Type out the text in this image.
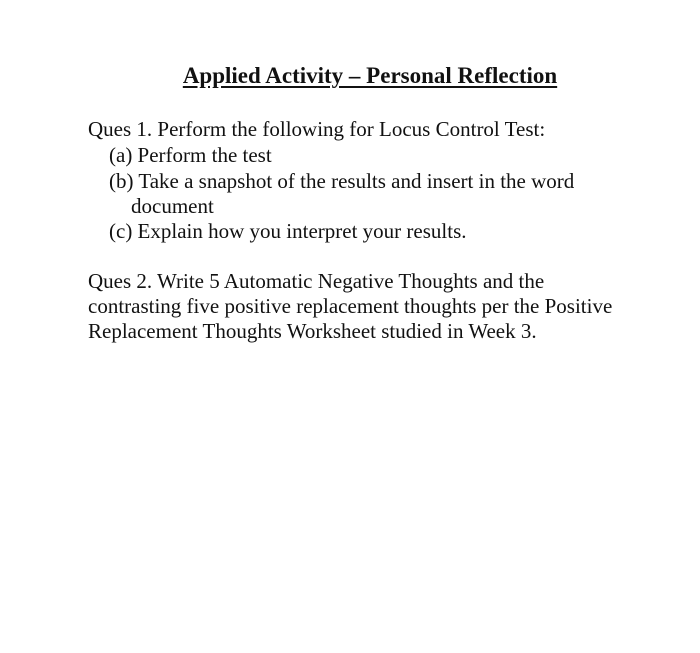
Applied Activity – Personal Reflection
Ques 1. Perform the following for Locus Control Test:
(a) Perform the test
(b) Take a snapshot of the results and insert in the word
document
(c) Explain how you interpret your results.
Ques 2. Write 5 Automatic Negative Thoughts and the
contrasting five positive replacement thoughts per the Positive
Replacement Thoughts Worksheet studied in Week 3.
